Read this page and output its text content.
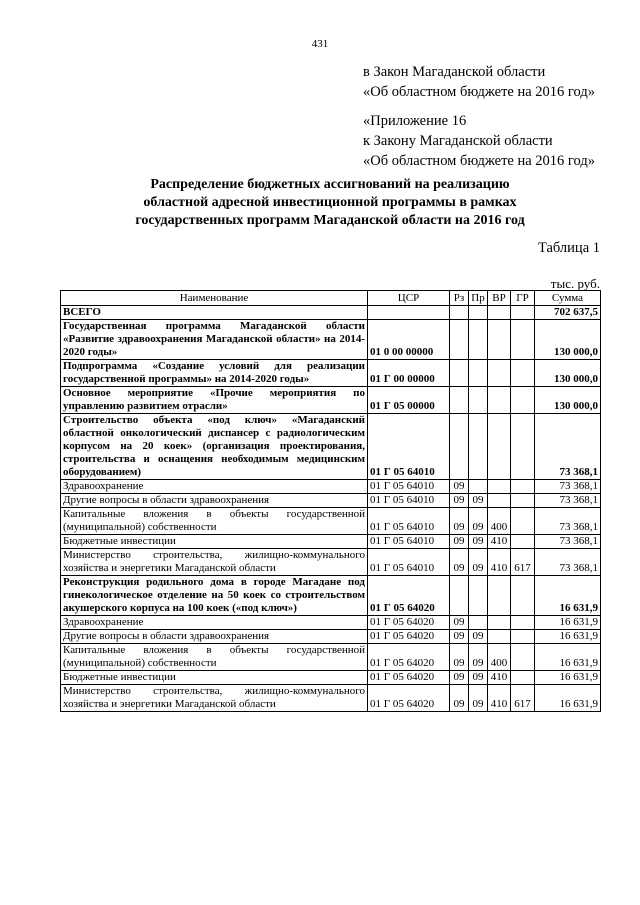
431
в Закон Магаданской области
«Об областном бюджете на 2016 год»
«Приложение 16
к Закону Магаданской области
«Об областном бюджете на 2016 год»
Распределение бюджетных ассигнований на реализацию
областной адресной инвестиционной программы в рамках
государственных программ Магаданской области на 2016 год
Таблица 1
тыс. руб.
Наименование	ЦСР	Рз	Пр	ВР	ГР	Сумма
ВСЕГО						702 637,5
Государственная программа Магаданской области «Развитие здравоохранения Магаданской области» на 2014-2020 годы»	01 0 00 00000					130 000,0
Подпрограмма «Создание условий для реализации государственной программы» на 2014-2020 годы»	01 Г 00 00000					130 000,0
Основное мероприятие «Прочие мероприятия по управлению развитием отрасли»	01 Г 05 00000					130 000,0
Строительство объекта «под ключ» «Магаданский областной онкологический диспансер с радиологическим корпусом на 20 коек» (организация проектирования, строительства и оснащения необходимым медицинским оборудованием)	01 Г 05 64010					73 368,1
Здравоохранение	01 Г 05 64010	09				73 368,1
Другие вопросы в области здравоохранения	01 Г 05 64010	09	09			73 368,1
Капитальные вложения в объекты государственной (муниципальной) собственности	01 Г 05 64010	09	09	400		73 368,1
Бюджетные инвестиции	01 Г 05 64010	09	09	410		73 368,1
Министерство строительства, жилищно-коммунального хозяйства и энергетики Магаданской области	01 Г 05 64010	09	09	410	617	73 368,1
Реконструкция родильного дома в городе Магадане под гинекологическое отделение на 50 коек со строительством акушерского корпуса на 100 коек («под ключ»)	01 Г 05 64020					16 631,9
Здравоохранение	01 Г 05 64020	09				16 631,9
Другие вопросы в области здравоохранения	01 Г 05 64020	09	09			16 631,9
Капитальные вложения в объекты государственной (муниципальной) собственности	01 Г 05 64020	09	09	400		16 631,9
Бюджетные инвестиции	01 Г 05 64020	09	09	410		16 631,9
Министерство строительства, жилищно-коммунального хозяйства и энергетики Магаданской области	01 Г 05 64020	09	09	410	617	16 631,9
